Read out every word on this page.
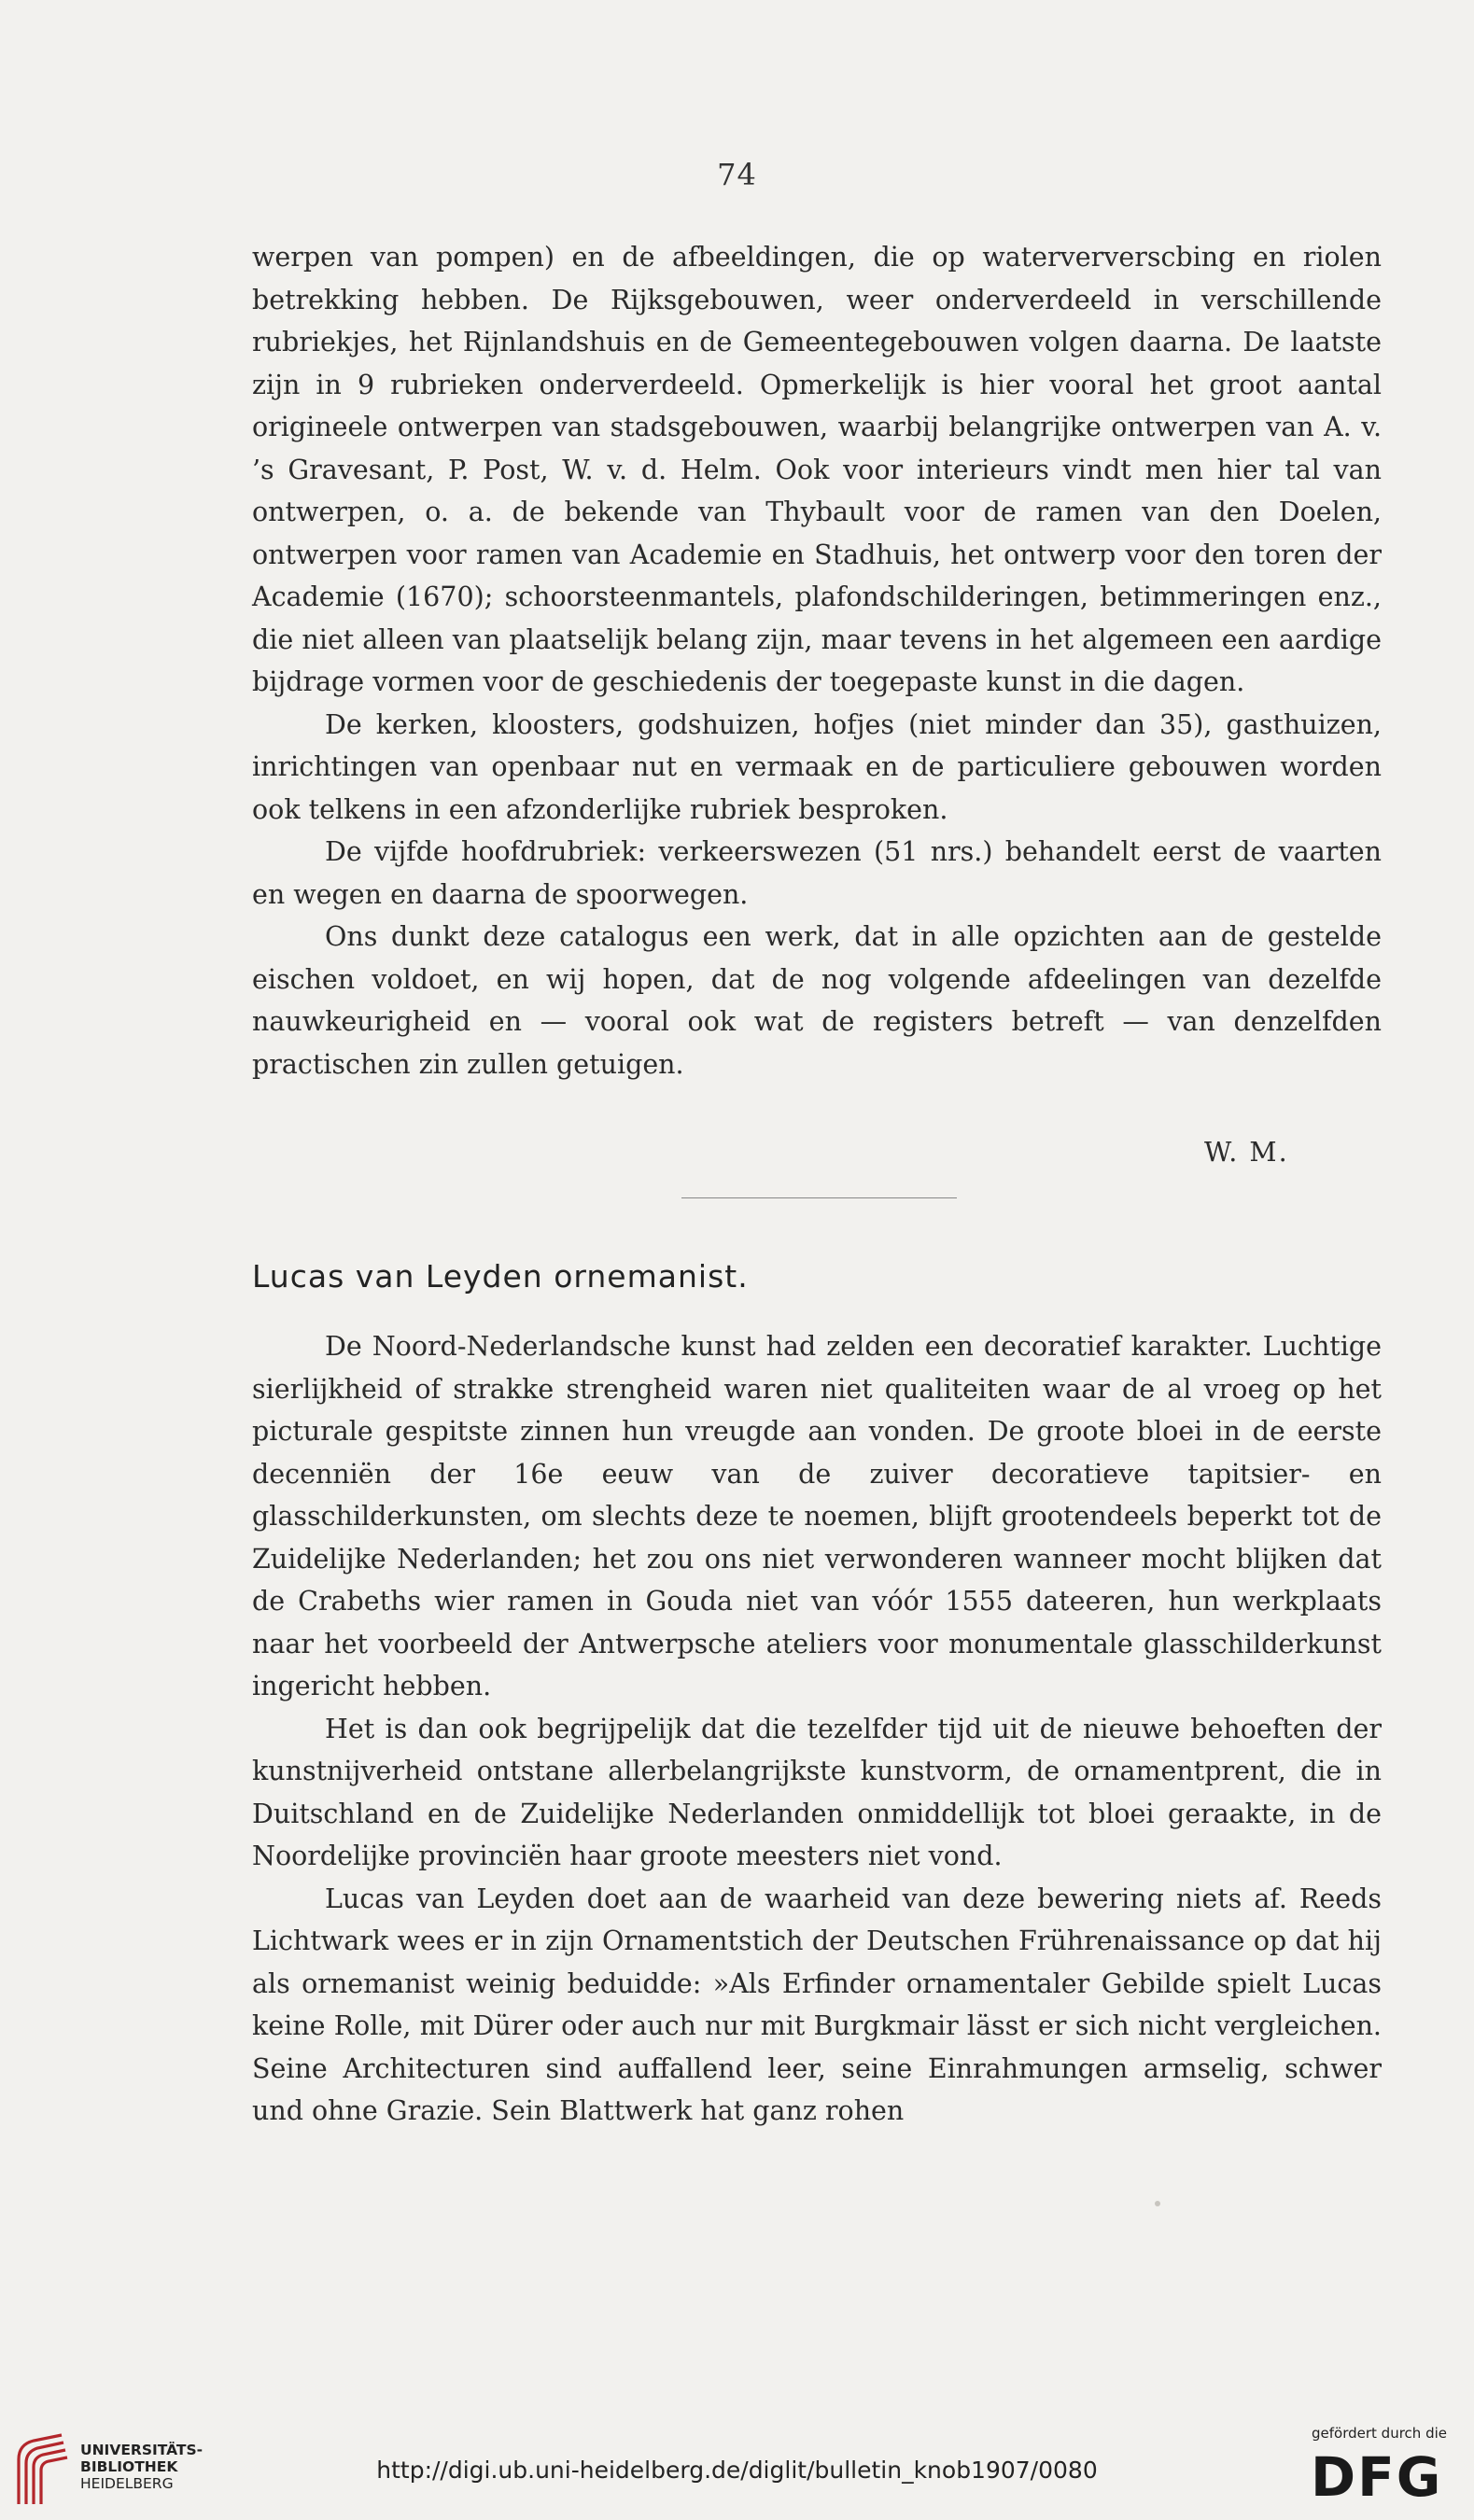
74

werpen van pompen) en de afbeeldingen, die op waterververscbing en riolen betrekking hebben. De Rijksgebouwen, weer onderverdeeld in verschillende rubriekjes, het Rijnlandshuis en de Gemeentegebouwen volgen daarna. De laatste zijn in 9 rubrieken onderverdeeld. Opmerkelijk is hier vooral het groot aantal origineele ontwerpen van stadsgebouwen, waarbij belangrijke ontwerpen van A. v. ’s Gravesant, P. Post, W. v. d. Helm. Ook voor interieurs vindt men hier tal van ontwerpen, o. a. de bekende van Thybault voor de ramen van den Doelen, ontwerpen voor ramen van Academie en Stadhuis, het ontwerp voor den toren der Academie (1670); schoorsteenmantels, plafondschilderingen, betimmeringen enz., die niet alleen van plaatselijk belang zijn, maar tevens in het algemeen een aardige bijdrage vormen voor de geschiedenis der toegepaste kunst in die dagen.

De kerken, kloosters, godshuizen, hofjes (niet minder dan 35), gasthuizen, inrichtingen van openbaar nut en vermaak en de particuliere gebouwen worden ook telkens in een afzonderlijke rubriek besproken.

De vijfde hoofdrubriek: verkeerswezen (51 nrs.) behandelt eerst de vaarten en wegen en daarna de spoorwegen.

Ons dunkt deze catalogus een werk, dat in alle opzichten aan de gestelde eischen voldoet, en wij hopen, dat de nog volgende afdeelingen van dezelfde nauwkeurigheid en — vooral ook wat de registers betreft — van denzelfden practischen zin zullen getuigen.

W. M.
Lucas van Leyden ornemanist.

De Noord-Nederlandsche kunst had zelden een decoratief karakter. Luchtige sierlijkheid of strakke strengheid waren niet qualiteiten waar de al vroeg op het picturale gespitste zinnen hun vreugde aan vonden. De groote bloei in de eerste decenniën der 16e eeuw van de zuiver decoratieve tapitsier- en glasschilderkunsten, om slechts deze te noemen, blijft grootendeels beperkt tot de Zuidelijke Nederlanden; het zou ons niet verwonderen wanneer mocht blijken dat de Crabeths wier ramen in Gouda niet van vóór 1555 dateeren, hun werkplaats naar het voorbeeld der Antwerpsche ateliers voor monumentale glasschilderkunst ingericht hebben.

Het is dan ook begrijpelijk dat die tezelfder tijd uit de nieuwe behoeften der kunstnijverheid ontstane allerbelangrijkste kunstvorm, de ornamentprent, die in Duitschland en de Zuidelijke Nederlanden onmiddellijk tot bloei geraakte, in de Noordelijke provinciën haar groote meesters niet vond.

Lucas van Leyden doet aan de waarheid van deze bewering niets af. Reeds Lichtwark wees er in zijn Ornamentstich der Deutschen Frührenaissance op dat hij als ornemanist weinig beduidde: »Als Erfinder ornamentaler Gebilde spielt Lucas keine Rolle, mit Dürer oder auch nur mit Burgkmair lässt er sich nicht vergleichen. Seine Architecturen sind auffallend leer, seine Einrahmungen armselig, schwer und ohne Grazie. Sein Blattwerk hat ganz rohen

UNIVERSITÄTS-
BIBLIOTHEK
HEIDELBERG	http://digi.ub.uni-heidelberg.de/diglit/bulletin_knob1907/0080
gefördert durch die
DFG
